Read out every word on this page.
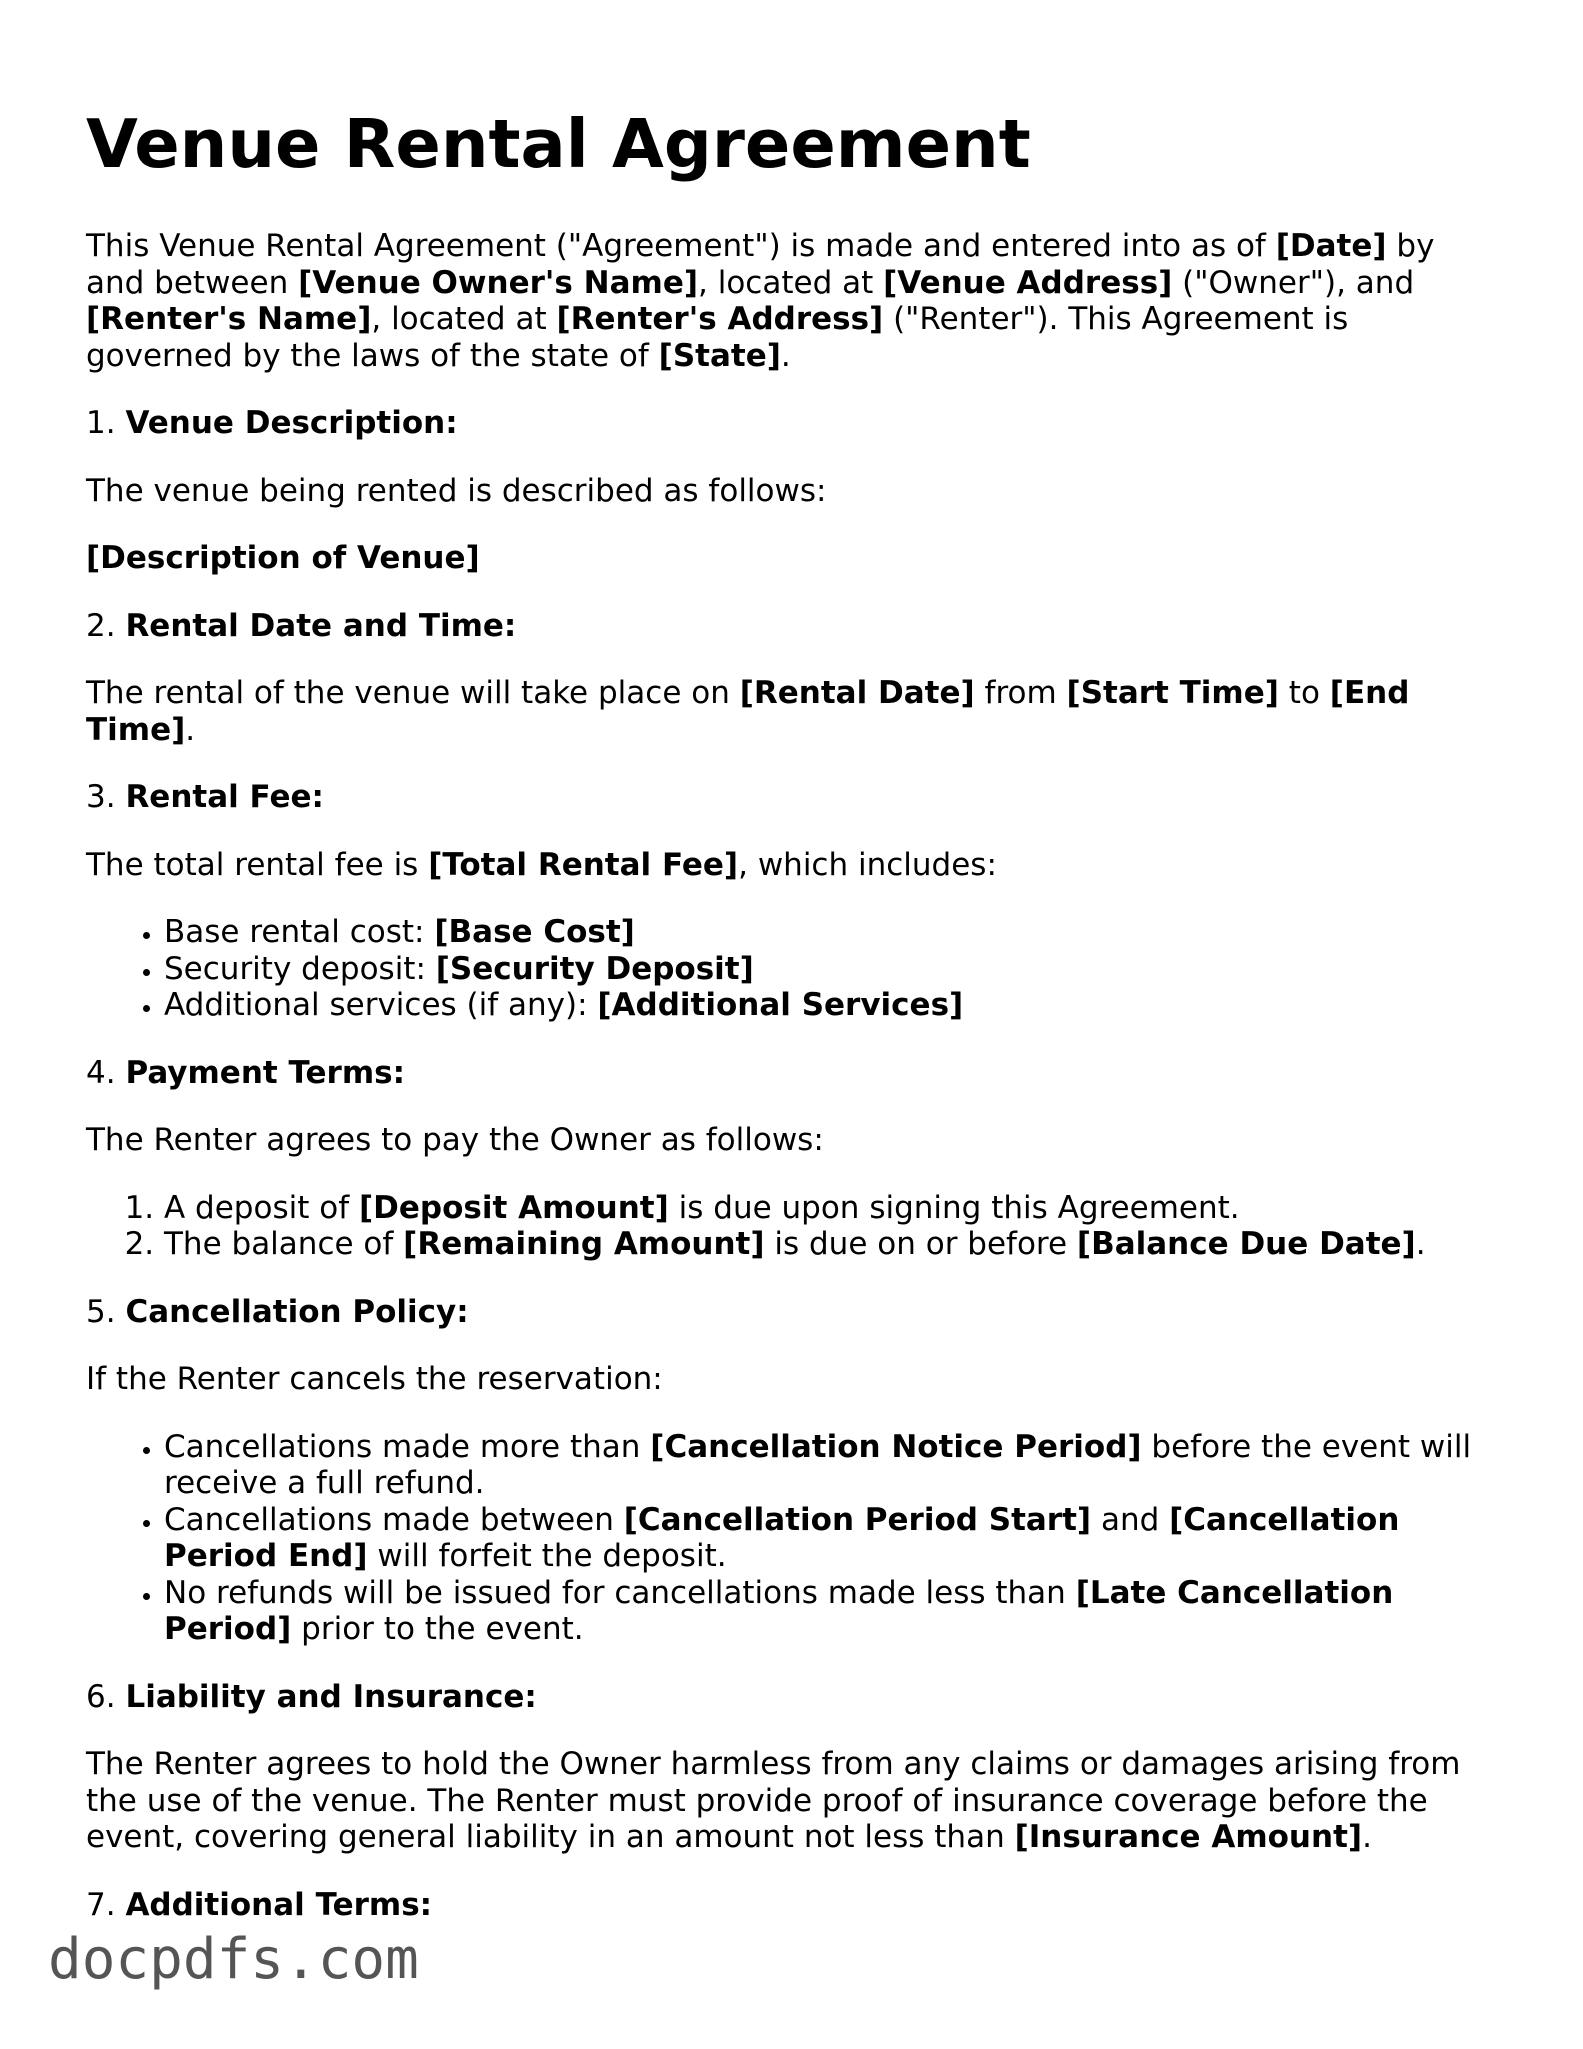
Venue Rental Agreement

This Venue Rental Agreement ("Agreement") is made and entered into as of [Date] by and between [Venue Owner's Name], located at [Venue Address] ("Owner"), and [Renter's Name], located at [Renter's Address] ("Renter"). This Agreement is governed by the laws of the state of [State].

1. Venue Description:

The venue being rented is described as follows:

[Description of Venue]

2. Rental Date and Time:

The rental of the venue will take place on [Rental Date] from [Start Time] to [End Time].

3. Rental Fee:

The total rental fee is [Total Rental Fee], which includes:

• Base rental cost: [Base Cost]
• Security deposit: [Security Deposit]
• Additional services (if any): [Additional Services]

4. Payment Terms:

The Renter agrees to pay the Owner as follows:

1. A deposit of [Deposit Amount] is due upon signing this Agreement.
2. The balance of [Remaining Amount] is due on or before [Balance Due Date].

5. Cancellation Policy:

If the Renter cancels the reservation:

• Cancellations made more than [Cancellation Notice Period] before the event will receive a full refund.
• Cancellations made between [Cancellation Period Start] and [Cancellation Period End] will forfeit the deposit.
• No refunds will be issued for cancellations made less than [Late Cancellation Period] prior to the event.

6. Liability and Insurance:

The Renter agrees to hold the Owner harmless from any claims or damages arising from the use of the venue. The Renter must provide proof of insurance coverage before the event, covering general liability in an amount not less than [Insurance Amount].

7. Additional Terms:

docpdfs.com
